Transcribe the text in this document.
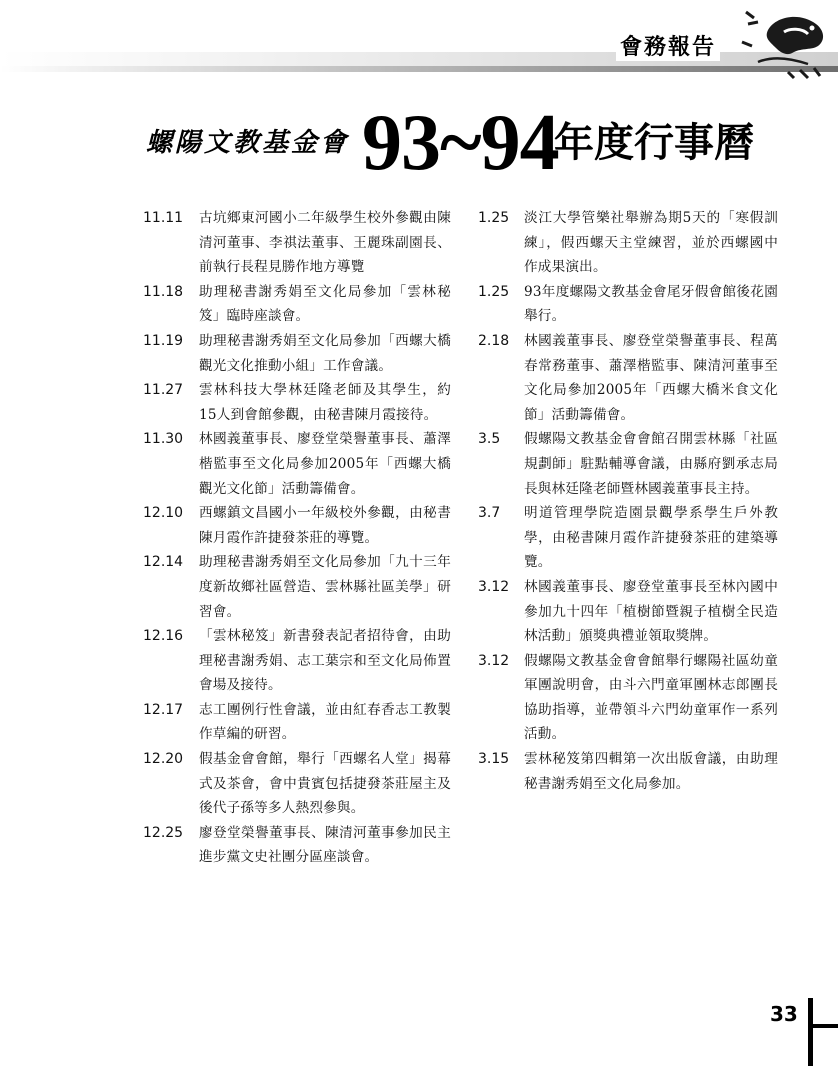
會務報告
螺陽文教基金會 93~94
年度行事曆
11.11	古坑鄉東河國小二年級學生校外參觀由陳清河董事、李祺法董事、王麗珠副園長、前執行長程見勝作地方導覽
11.18	助理秘書謝秀娟至文化局參加「雲林秘笈」臨時座談會。
11.19	助理秘書謝秀娟至文化局參加「西螺大橋觀光文化推動小組」工作會議。
11.27	雲林科技大學林廷隆老師及其學生，約15人到會館參觀，由秘書陳月霞接待。
11.30	林國義董事長、廖登堂榮譽董事長、蕭澤楷監事至文化局參加2005年「西螺大橋觀光文化節」活動籌備會。
12.10	西螺鎮文昌國小一年級校外參觀，由秘書陳月霞作許捷發茶莊的導覽。
12.14	助理秘書謝秀娟至文化局參加「九十三年度新故鄉社區營造、雲林縣社區美學」研習會。
12.16	「雲林秘笈」新書發表記者招待會，由助理秘書謝秀娟、志工葉宗和至文化局佈置會場及接待。
12.17	志工團例行性會議，並由紅春香志工教製作草編的研習。
12.20	假基金會會館，舉行「西螺名人堂」揭幕式及茶會，會中貴賓包括捷發茶莊屋主及後代子孫等多人熱烈參與。
12.25	廖登堂榮譽董事長、陳清河董事參加民主進步黨文史社團分區座談會。
1.25	淡江大學管樂社舉辦為期5天的「寒假訓練」，假西螺天主堂練習，並於西螺國中作成果演出。
1.25	93年度螺陽文教基金會尾牙假會館後花園舉行。
2.18	林國義董事長、廖登堂榮譽董事長、程萬春常務董事、蕭澤楷監事、陳清河董事至文化局參加2005年「西螺大橋米食文化節」活動籌備會。
3.5	假螺陽文教基金會會館召開雲林縣「社區規劃師」駐點輔導會議，由縣府劉承志局長與林廷隆老師暨林國義董事長主持。
3.7	明道管理學院造園景觀學系學生戶外教學，由秘書陳月霞作許捷發茶莊的建築導覽。
3.12	林國義董事長、廖登堂董事長至林內國中參加九十四年「植樹節暨親子植樹全民造林活動」頒獎典禮並領取獎牌。
3.12	假螺陽文教基金會會館舉行螺陽社區幼童軍團說明會，由斗六門童軍團林志郎團長協助指導，並帶領斗六門幼童軍作一系列活動。
3.15	雲林秘笈第四輯第一次出版會議，由助理秘書謝秀娟至文化局參加。
33
